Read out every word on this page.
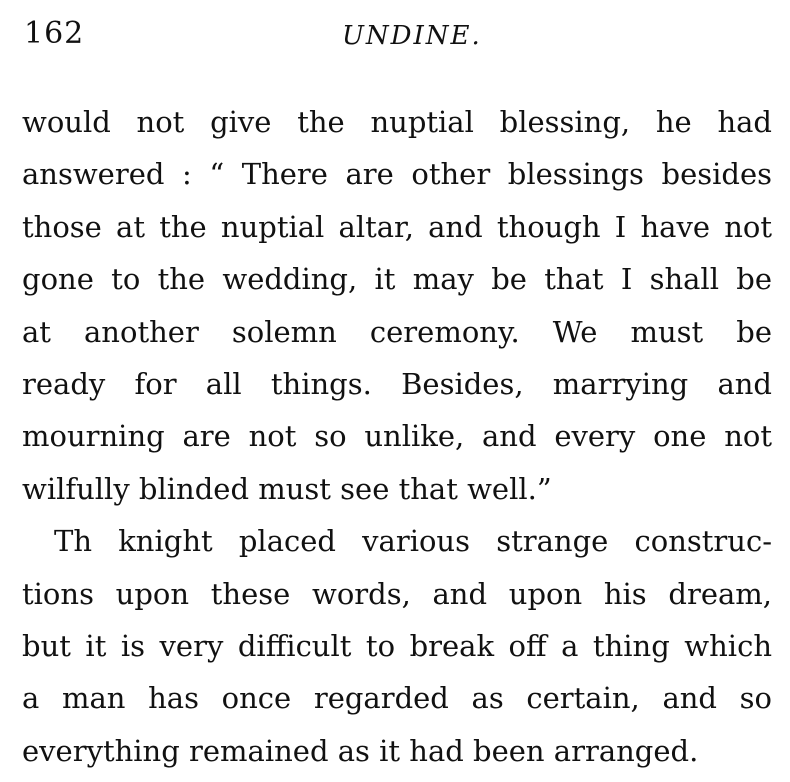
162	UNDINE.
would not give the nuptial blessing, he had
answered : “ There are other blessings besides
those at the nuptial altar, and though I have not
gone to the wedding, it may be that I shall be
at another solemn ceremony. We must be
ready for all things. Besides, marrying and
mourning are not so unlike, and every one not
wilfully blinded must see that well.”
Th knight placed various strange construc-
tions upon these words, and upon his dream,
but it is very difficult to break off a thing which
a man has once regarded as certain, and so
everything remained as it had been arranged.
